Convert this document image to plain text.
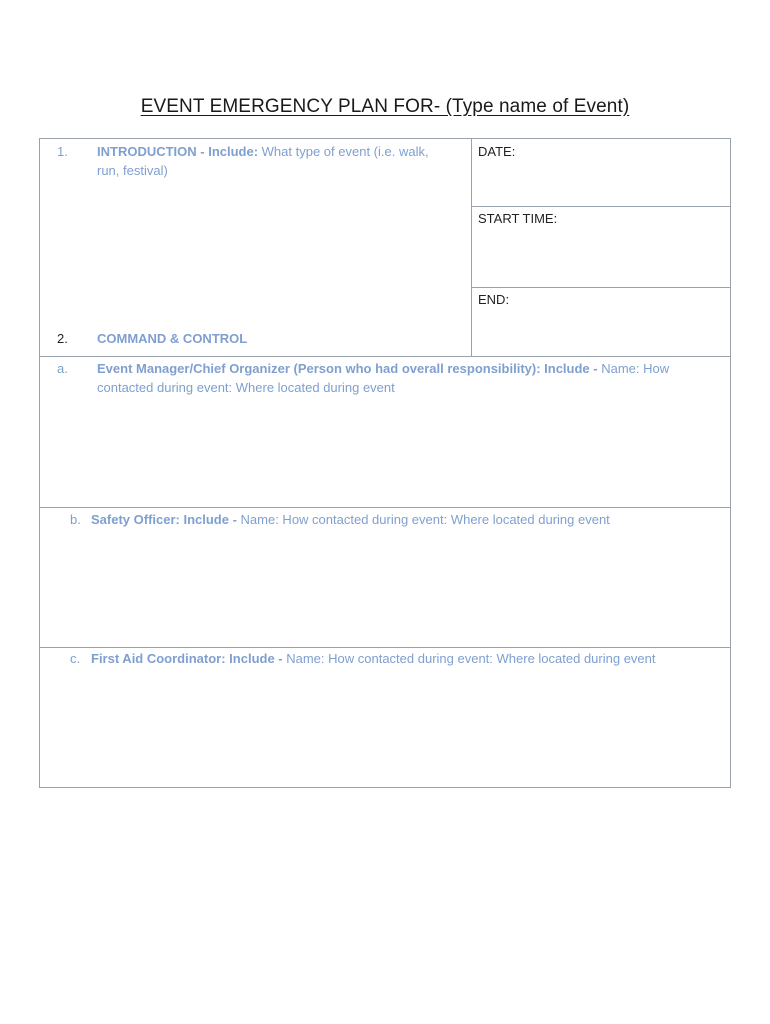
EVENT EMERGENCY PLAN FOR- (Type name of Event)
1. INTRODUCTION - Include: What type of event (i.e. walk, run, festival)
DATE:
START TIME:
END:
2. COMMAND & CONTROL
a. Event Manager/Chief Organizer (Person who had overall responsibility): Include - Name: How contacted during event: Where located during event
b. Safety Officer: Include - Name: How contacted during event: Where located during event
c. First Aid Coordinator: Include - Name: How contacted during event: Where located during event
